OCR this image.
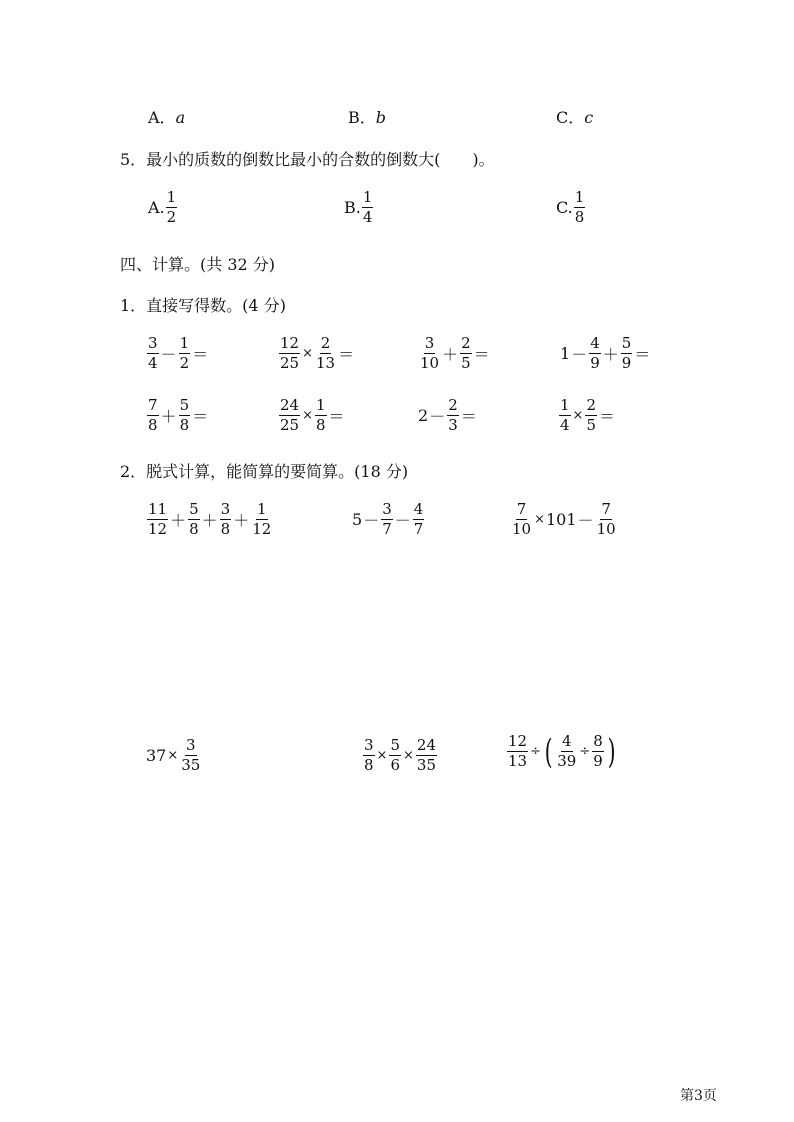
A．a	B．b	C．c
5．最小的质数的倒数比最小的合数的倒数大(　　)。
A. $\frac{1}{2}$	B. $\frac{1}{4}$	C. $\frac{1}{8}$
四、计算。(共 32 分)
1．直接写得数。(4 分)
$\frac{3}{4} - \frac{1}{2}$ ＝	$\frac{12}{25} \times \frac{2}{13}$ ＝	$\frac{3}{10} + \frac{2}{5}$ ＝	$1 - \frac{4}{9} + \frac{5}{9}$ ＝
$\frac{7}{8} + \frac{5}{8}$ ＝	$\frac{24}{25} \times \frac{1}{8}$ ＝	$2 - \frac{2}{3}$ ＝	$\frac{1}{4} \times \frac{2}{5}$ ＝
2．脱式计算，能简算的要简算。(18 分)
$\frac{11}{12} + \frac{5}{8} + \frac{3}{8} + \frac{1}{12}$	$5 - \frac{3}{7} - \frac{4}{7}$	$\frac{7}{10} \times 101 - \frac{7}{10}$
$37 \times \frac{3}{35}$	$\frac{3}{8} \times \frac{5}{6} \times \frac{24}{35}$	$\frac{12}{13}$ ÷ ( $\frac{4}{39} \div \frac{8}{9}$ )
第3页
